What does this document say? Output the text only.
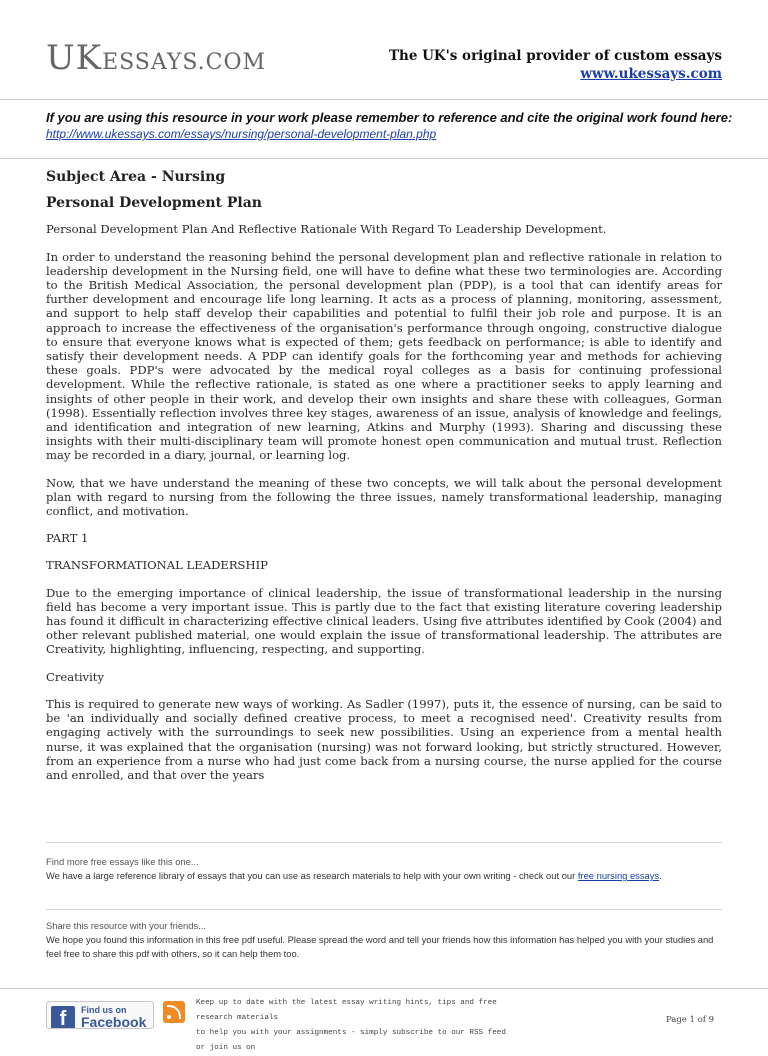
UKESSAYS.COM	The UK's original provider of custom essays
www.ukessays.com
If you are using this resource in your work please remember to reference and cite the original work found here:
http://www.ukessays.com/essays/nursing/personal-development-plan.php
Subject Area - Nursing
Personal Development Plan

Personal Development Plan And Reflective Rationale With Regard To Leadership Development.

In order to understand the reasoning behind the personal development plan and reflective rationale in relation to leadership development in the Nursing field, one will have to define what these two terminologies are. According to the British Medical Association, the personal development plan (PDP), is a tool that can identify areas for further development and encourage life long learning. It acts as a process of planning, monitoring, assessment, and support to help staff develop their capabilities and potential to fulfil their job role and purpose. It is an approach to increase the effectiveness of the organisation's performance through ongoing, constructive dialogue to ensure that everyone knows what is expected of them; gets feedback on performance; is able to identify and satisfy their development needs. A PDP can identify goals for the forthcoming year and methods for achieving these goals. PDP's were advocated by the medical royal colleges as a basis for continuing professional development. While the reflective rationale, is stated as one where a practitioner seeks to apply learning and insights of other people in their work, and develop their own insights and share these with colleagues, Gorman (1998). Essentially reflection involves three key stages, awareness of an issue, analysis of knowledge and feelings, and identification and integration of new learning, Atkins and Murphy (1993). Sharing and discussing these insights with their multi-disciplinary team will promote honest open communication and mutual trust. Reflection may be recorded in a diary, journal, or learning log.

Now, that we have understand the meaning of these two concepts, we will talk about the personal development plan with regard to nursing from the following the three issues, namely transformational leadership, managing conflict, and motivation.

PART 1

TRANSFORMATIONAL LEADERSHIP

Due to the emerging importance of clinical leadership, the issue of transformational leadership in the nursing field has become a very important issue. This is partly due to the fact that existing literature covering leadership has found it difficult in characterizing effective clinical leaders. Using five attributes identified by Cook (2004) and other relevant published material, one would explain the issue of transformational leadership. The attributes are Creativity, highlighting, influencing, respecting, and supporting.

Creativity

This is required to generate new ways of working. As Sadler (1997), puts it, the essence of nursing, can be said to be 'an individually and socially defined creative process, to meet a recognised need'. Creativity results from engaging actively with the surroundings to seek new possibilities. Using an experience from a mental health nurse, it was explained that the organisation (nursing) was not forward looking, but strictly structured. However, from an experience from a nurse who had just come back from a nursing course, the nurse applied for the course and enrolled, and that over the years

Find more free essays like this one...
We have a large reference library of essays that you can use as research materials to help with your own writing - check out our free nursing essays.
Share this resource with your friends...
We hope you found this information in this free pdf useful. Please spread the word and tell your friends how this information has helped you with your studies and feel free to share this pdf with others, so it can help them too.
f	Find us on
Facebook
Keep up to date with the latest essay writing hints, tips and free research materials
to help you with your assignments - simply subscribe to our RSS feed or join us on
Page 1 of 9
